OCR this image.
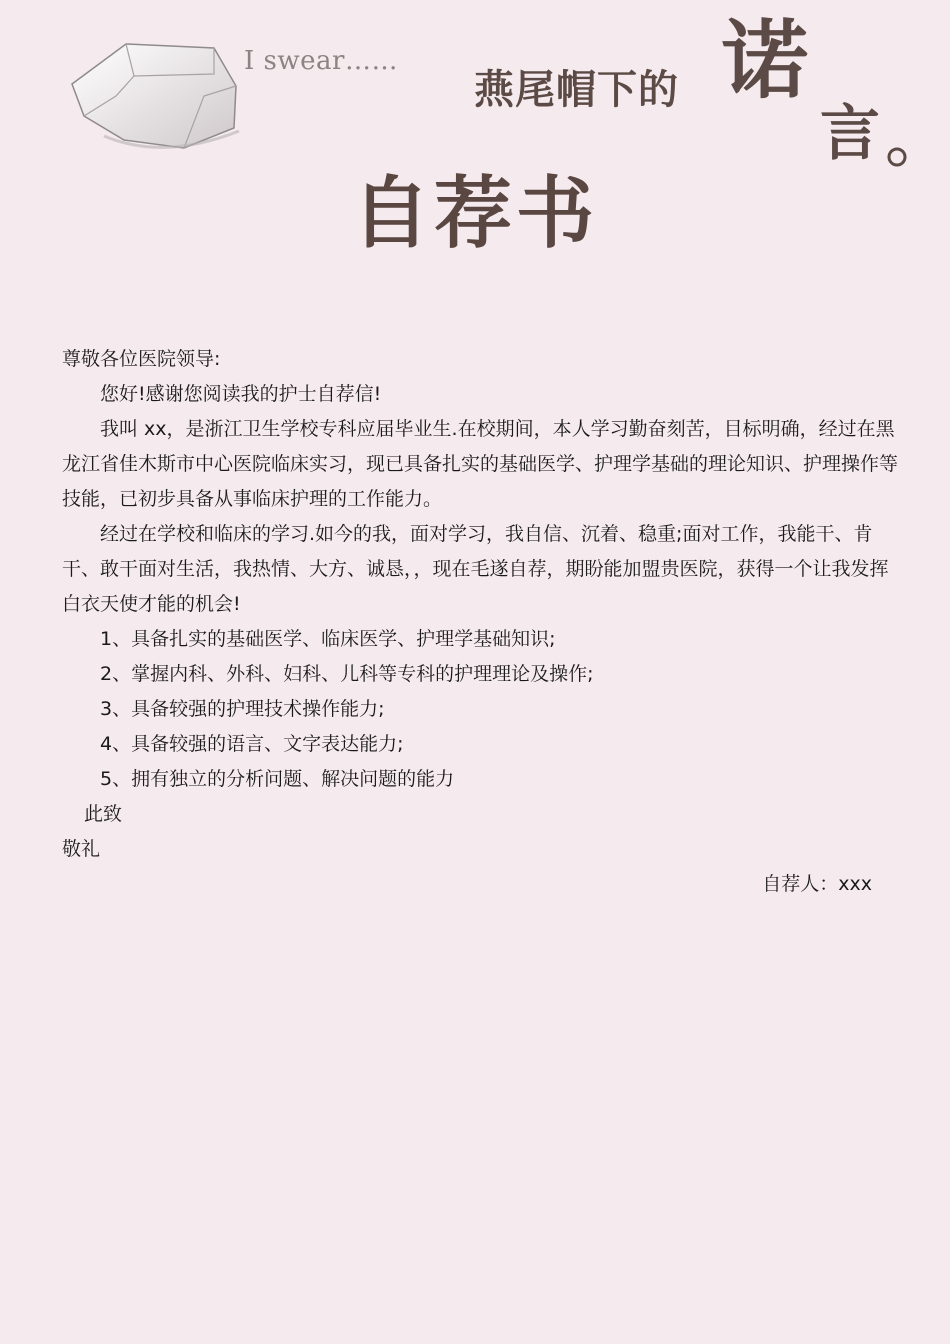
I swear……
燕尾帽下的 诺
言
自荐书

尊敬各位医院领导:

您好!感谢您阅读我的护士自荐信!

我叫 xx，是浙江卫生学校专科应届毕业生.在校期间，本人学习勤奋刻苦，目标明确，经过在黑龙江省佳木斯市中心医院临床实习，现已具备扎实的基础医学、护理学基础的理论知识、护理操作等技能，已初步具备从事临床护理的工作能力。

经过在学校和临床的学习.如今的我，面对学习，我自信、沉着、稳重;面对工作，我能干、肯干、敢干面对生活，我热情、大方、诚恳，，现在毛遂自荐，期盼能加盟贵医院，获得一个让我发挥白衣天使才能的机会!

1、具备扎实的基础医学、临床医学、护理学基础知识;

2、掌握内科、外科、妇科、儿科等专科的护理理论及操作;

3、具备较强的护理技术操作能力;

4、具备较强的语言、文字表达能力;

5、拥有独立的分析问题、解决问题的能力

此致

敬礼

自荐人：xxx
